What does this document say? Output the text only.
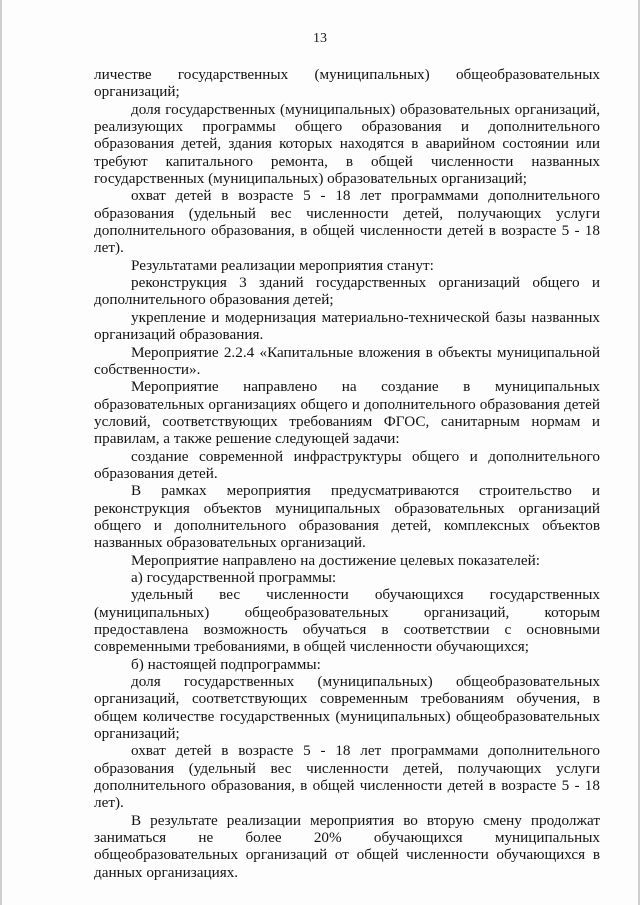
13

личестве государственных (муниципальных) общеобразовательных организаций;

доля государственных (муниципальных) образовательных организаций, реализующих программы общего образования и дополнительного образования детей, здания которых находятся в аварийном состоянии или требуют капитального ремонта, в общей численности названных государственных (муниципальных) образовательных организаций;

охват детей в возрасте 5 - 18 лет программами дополнительного образования (удельный вес численности детей, получающих услуги дополнительного образования, в общей численности детей в возрасте 5 - 18 лет).

Результатами реализации мероприятия станут:

реконструкция 3 зданий государственных организаций общего и дополнительного образования детей;

укрепление и модернизация материально-технической базы названных организаций образования.

Мероприятие 2.2.4 «Капитальные вложения в объекты муниципальной собственности».

Мероприятие направлено на создание в муниципальных образовательных организациях общего и дополнительного образования детей условий, соответствующих требованиям ФГОС, санитарным нормам и правилам, а также решение следующей задачи:

создание современной инфраструктуры общего и дополнительного образования детей.

В рамках мероприятия предусматриваются строительство и реконструкция объектов муниципальных образовательных организаций общего и дополнительного образования детей, комплексных объектов названных образовательных организаций.

Мероприятие направлено на достижение целевых показателей:

а) государственной программы:

удельный вес численности обучающихся государственных (муниципальных) общеобразовательных организаций, которым предоставлена возможность обучаться в соответствии с основными современными требованиями, в общей численности обучающихся;

б) настоящей подпрограммы:

доля государственных (муниципальных) общеобразовательных организаций, соответствующих современным требованиям обучения, в общем количестве государственных (муниципальных) общеобразовательных организаций;

охват детей в возрасте 5 - 18 лет программами дополнительного образования (удельный вес численности детей, получающих услуги дополнительного образования, в общей численности детей в возрасте 5 - 18 лет).

В результате реализации мероприятия во вторую смену продолжат заниматься не более 20% обучающихся муниципальных общеобразовательных организаций от общей численности обучающихся в данных организациях.
